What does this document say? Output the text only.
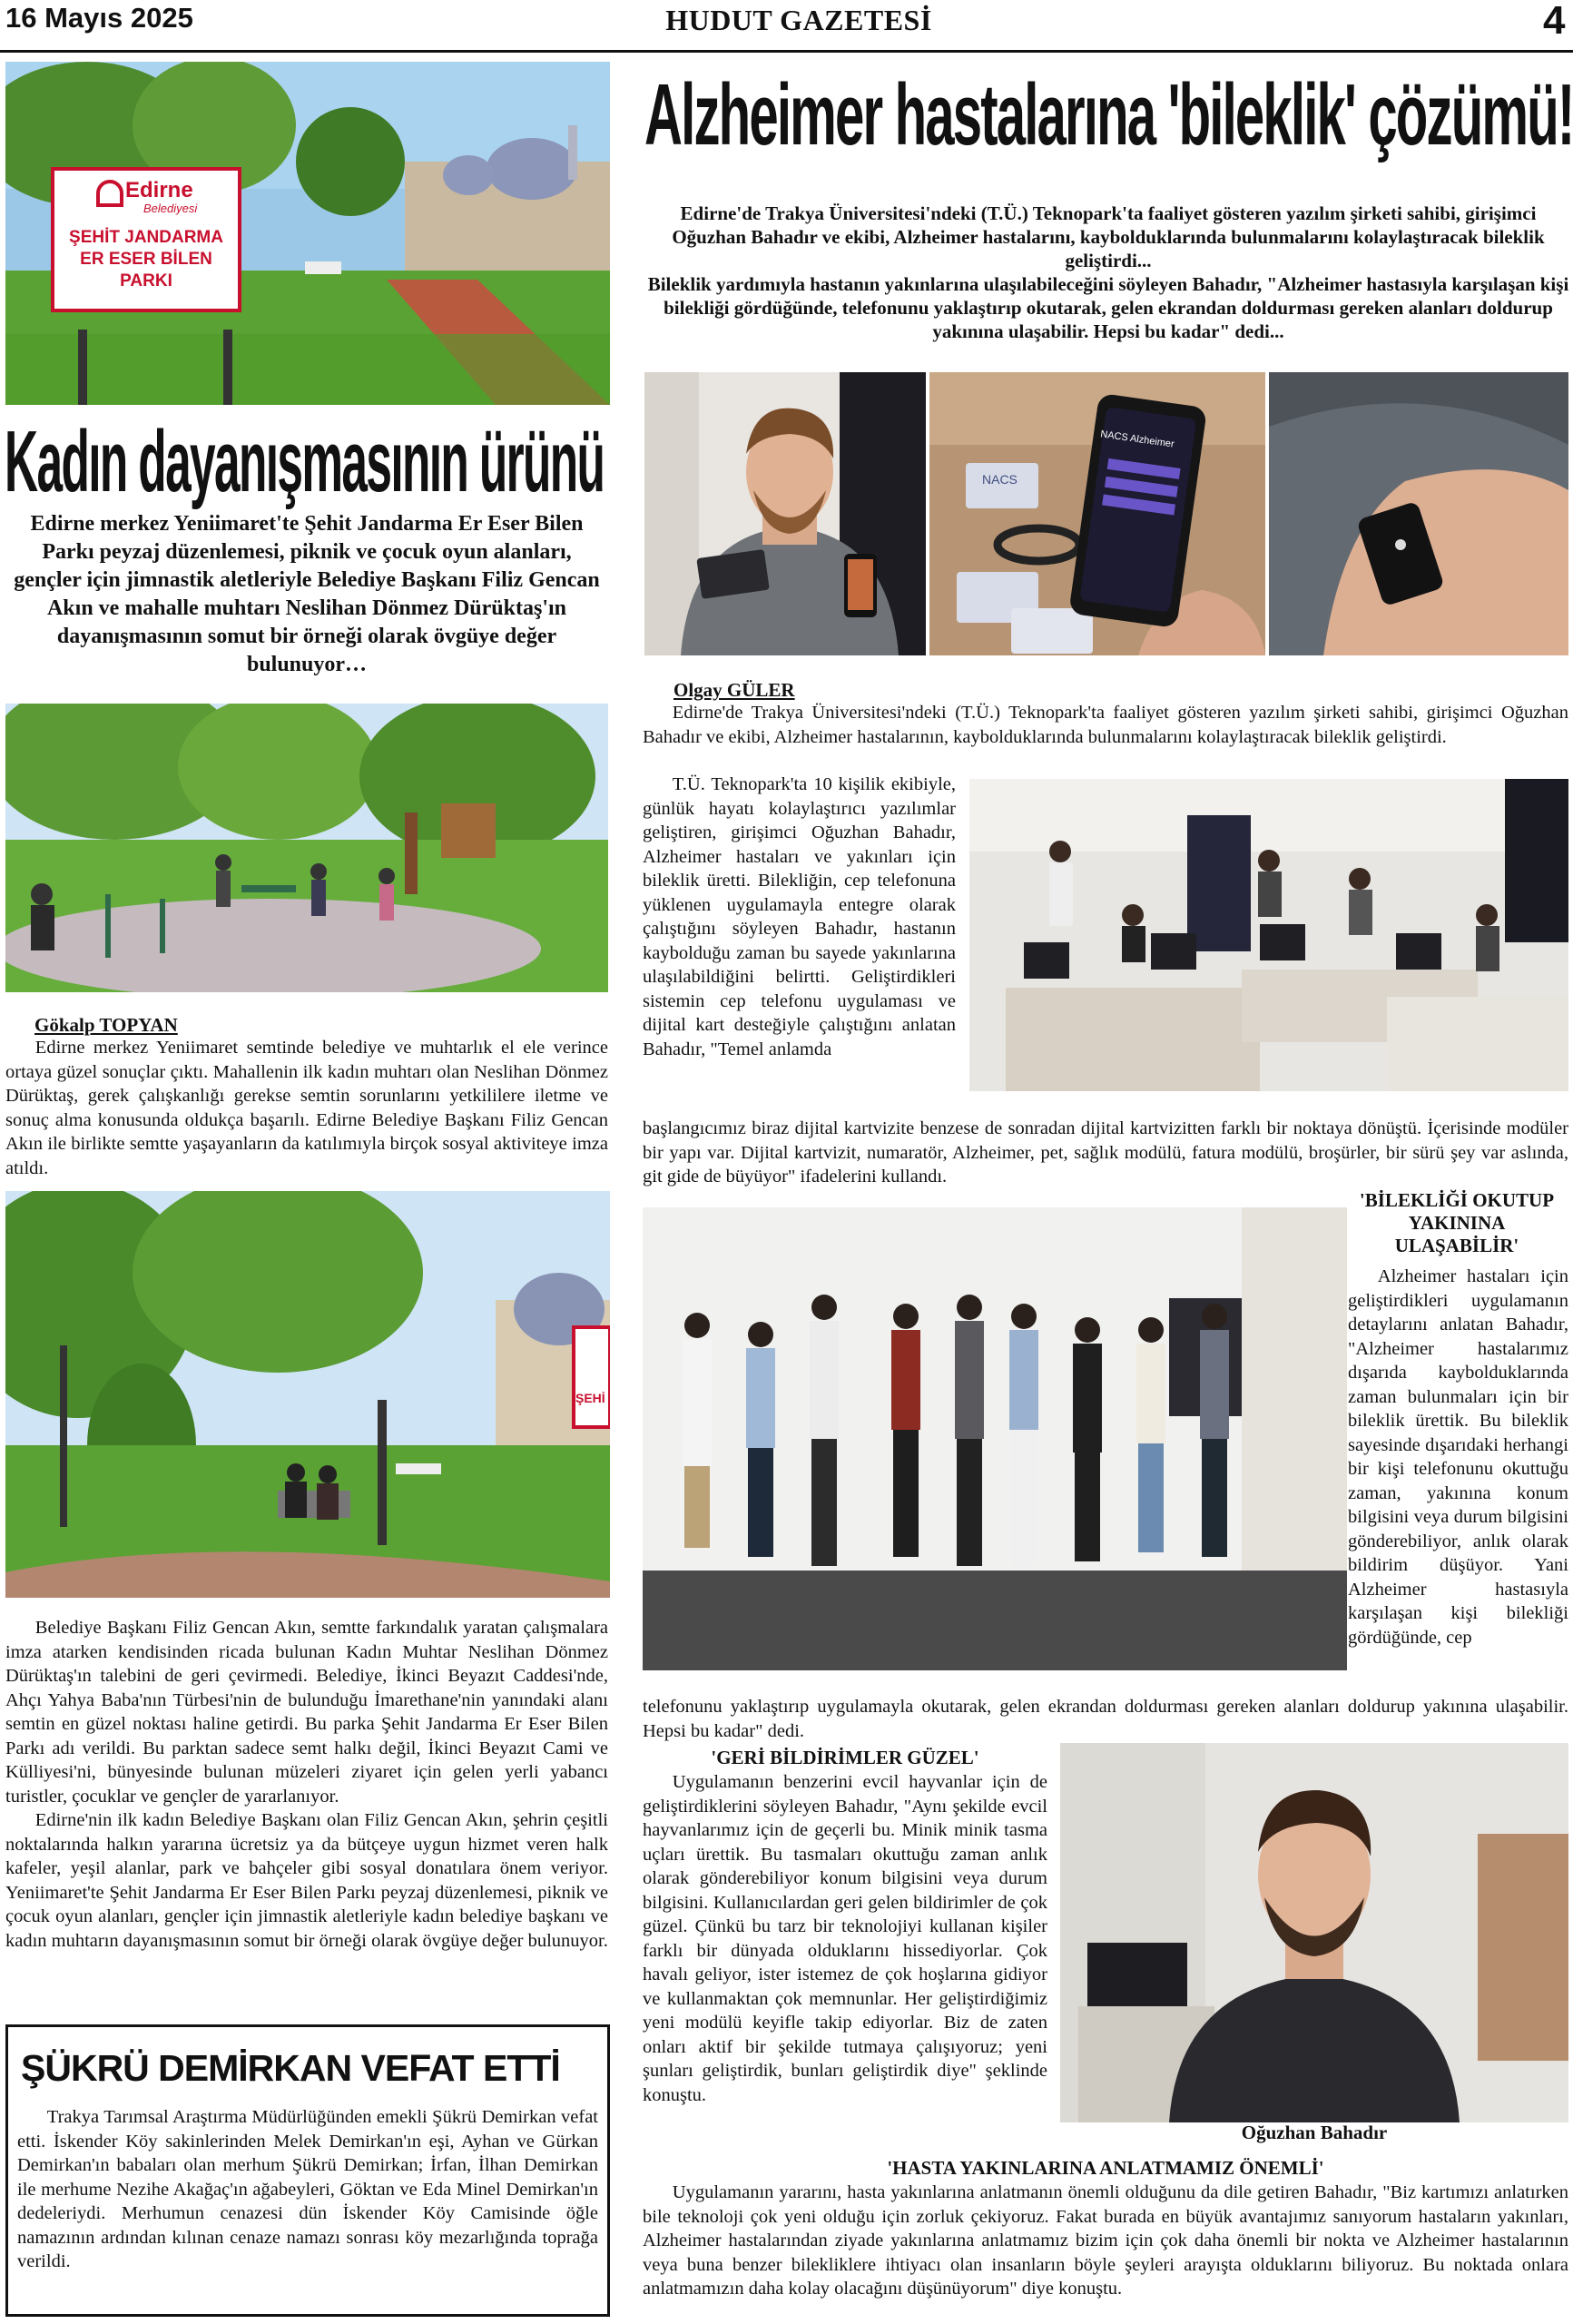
16 Mayıs 2025	HUDUT GAZETESİ	4
Edirne
Belediyesi
ŞEHİT JANDARMA ER ESER BİLEN PARKI
Alzheimer hastalarına 'bileklik' çözümü!
Edirne'de Trakya Üniversitesi'ndeki (T.Ü.) Teknopark'ta faaliyet gösteren yazılım şirketi sahibi, girişimci Oğuzhan Bahadır ve ekibi, Alzheimer hastalarını, kaybolduklarında bulunmalarını kolaylaştıracak bileklik geliştirdi...
Bileklik yardımıyla hastanın yakınlarına ulaşılabileceğini söyleyen Bahadır, "Alzheimer hastasıyla karşılaşan kişi bilekliği gördüğünde, telefonunu yaklaştırıp okutarak, gelen ekrandan doldurması gereken alanları doldurup yakınına ulaşabilir. Hepsi bu kadar" dedi...
NACS
NACS Alzheimer
Kadın dayanışmasının ürünü
Edirne merkez Yeniimaret'te Şehit Jandarma Er Eser Bilen Parkı peyzaj düzenlemesi, piknik ve çocuk oyun alanları, gençler için jimnastik aletleriyle Belediye Başkanı Filiz Gencan Akın ve mahalle muhtarı Neslihan Dönmez Dürüktaş'ın dayanışmasının somut bir örneği olarak övgüye değer bulunuyor…
Gökalp TOPYAN

Edirne merkez Yeniimaret semtinde belediye ve muhtarlık el ele verince ortaya güzel sonuçlar çıktı. Mahallenin ilk kadın muhtarı olan Neslihan Dönmez Dürüktaş, gerek çalışkanlığı gerekse semtin sorunlarını yetkililere iletme ve sonuç alma konusunda oldukça başarılı. Edirne Belediye Başkanı Filiz Gencan Akın ile birlikte semtte yaşayanların da katılımıyla birçok sosyal aktiviteye imza atıldı.

ŞEHİ

Belediye Başkanı Filiz Gencan Akın, semtte farkındalık yaratan çalışmalara imza atarken kendisinden ricada bulunan Kadın Muhtar Neslihan Dönmez Dürüktaş'ın talebini de geri çevirmedi. Belediye, İkinci Beyazıt Caddesi'nde, Ahçı Yahya Baba'nın Türbesi'nin de bulunduğu İmarethane'nin yanındaki alanı semtin en güzel noktası haline getirdi. Bu parka Şehit Jandarma Er Eser Bilen Parkı adı verildi. Bu parktan sadece semt halkı değil, İkinci Beyazıt Cami ve Külliyesi'ni, bünyesinde bulunan müzeleri ziyaret için gelen yerli yabancı turistler, çocuklar ve gençler de yararlanıyor.

Edirne'nin ilk kadın Belediye Başkanı olan Filiz Gencan Akın, şehrin çeşitli noktalarında halkın yararına ücretsiz ya da bütçeye uygun hizmet veren halk kafeler, yeşil alanlar, park ve bahçeler gibi sosyal donatılara önem veriyor. Yeniimaret'te Şehit Jandarma Er Eser Bilen Parkı peyzaj düzenlemesi, piknik ve çocuk oyun alanları, gençler için jimnastik aletleriyle kadın belediye başkanı ve kadın muhtarın dayanışmasının somut bir örneği olarak övgüye değer bulunuyor.

ŞÜKRÜ DEMİRKAN VEFAT ETTİ

Trakya Tarımsal Araştırma Müdürlüğünden emekli Şükrü Demirkan vefat etti. İskender Köy sakinlerinden Melek Demirkan'ın eşi, Ayhan ve Gürkan Demirkan'ın babaları olan merhum Şükrü Demirkan; İrfan, İlhan Demirkan ile merhume Nezihe Akağaç'ın ağabeyleri, Göktan ve Eda Minel Demirkan'ın dedeleriydi. Merhumun cenazesi dün İskender Köy Camisinde öğle namazının ardından kılınan cenaze namazı sonrası köy mezarlığında toprağa verildi.

Olgay GÜLER

Edirne'de Trakya Üniversitesi'ndeki (T.Ü.) Teknopark'ta faaliyet gösteren yazılım şirketi sahibi, girişimci Oğuzhan Bahadır ve ekibi, Alzheimer hastalarının, kaybolduklarında bulunmalarını kolaylaştıracak bileklik geliştirdi.

T.Ü. Teknopark'ta 10 kişilik ekibiyle, günlük hayatı kolaylaştırıcı yazılımlar geliştiren, girişimci Oğuzhan Bahadır, Alzheimer hastaları ve yakınları için bileklik üretti. Bilekliğin, cep telefonuna yüklenen uygulamayla entegre olarak çalıştığını söyleyen Bahadır, hastanın kaybolduğu zaman bu sayede yakınlarına ulaşılabildiğini belirtti. Geliştirdikleri sistemin cep telefonu uygulaması ve dijital kart desteğiyle çalıştığını anlatan Bahadır, "Temel anlamda

başlangıcımız biraz dijital kartvizite benzese de sonradan dijital kartvizitten farklı bir noktaya dönüştü. İçerisinde modüler bir yapı var. Dijital kartvizit, numaratör, Alzheimer, pet, sağlık modülü, fatura modülü, broşürler, bir sürü şey var aslında, git gide de büyüyor" ifadelerini kullandı.

'BİLEKLİĞİ OKUTUP YAKININA ULAŞABİLİR'

Alzheimer hastaları için geliştirdikleri uygulamanın detaylarını anlatan Bahadır, "Alzheimer hastalarımız dışarıda kaybolduklarında zaman bulunmaları için bir bileklik ürettik. Bu bileklik sayesinde dışarıdaki herhangi bir kişi telefonunu okuttuğu zaman, yakınına konum bilgisini veya durum bilgisini gönderebiliyor, anlık olarak bildirim düşüyor. Yani Alzheimer hastasıyla karşılaşan kişi bilekliği gördüğünde, cep

telefonunu yaklaştırıp uygulamayla okutarak, gelen ekrandan doldurması gereken alanları doldurup yakınına ulaşabilir. Hepsi bu kadar" dedi.

'GERİ BİLDİRİMLER GÜZEL'

Uygulamanın benzerini evcil hayvanlar için de geliştirdiklerini söyleyen Bahadır, "Aynı şekilde evcil hayvanlarımız için de geçerli bu. Minik minik tasma uçları ürettik. Bu tasmaları okuttuğu zaman anlık olarak gönderebiliyor konum bilgisini veya durum bilgisini. Kullanıcılardan geri gelen bildirimler de çok güzel. Çünkü bu tarz bir teknolojiyi kullanan kişiler farklı bir dünyada olduklarını hissediyorlar. Çok havalı geliyor, ister istemez de çok hoşlarına gidiyor ve kullanmaktan çok memnunlar. Her geliştirdiğimiz yeni modülü keyifle takip ediyorlar. Biz de zaten onları aktif bir şekilde tutmaya çalışıyoruz; yeni şunları geliştirdik, bunları geliştirdik diye" şeklinde konuştu.

Oğuzhan Bahadır
'HASTA YAKINLARINA ANLATMAMIZ ÖNEMLİ'

Uygulamanın yararını, hasta yakınlarına anlatmanın önemli olduğunu da dile getiren Bahadır, "Biz kartımızı anlatırken bile teknoloji çok yeni olduğu için zorluk çekiyoruz. Fakat burada en büyük avantajımız sanıyorum hastaların yakınları, Alzheimer hastalarından ziyade yakınlarına anlatmamız bizim için çok daha önemli bir nokta ve Alzheimer hastalarının veya buna benzer bilekliklere ihtiyacı olan insanların böyle şeyleri arayışta olduklarını biliyoruz. Bu noktada onlara anlatmamızın daha kolay olacağını düşünüyorum" diye konuştu.
